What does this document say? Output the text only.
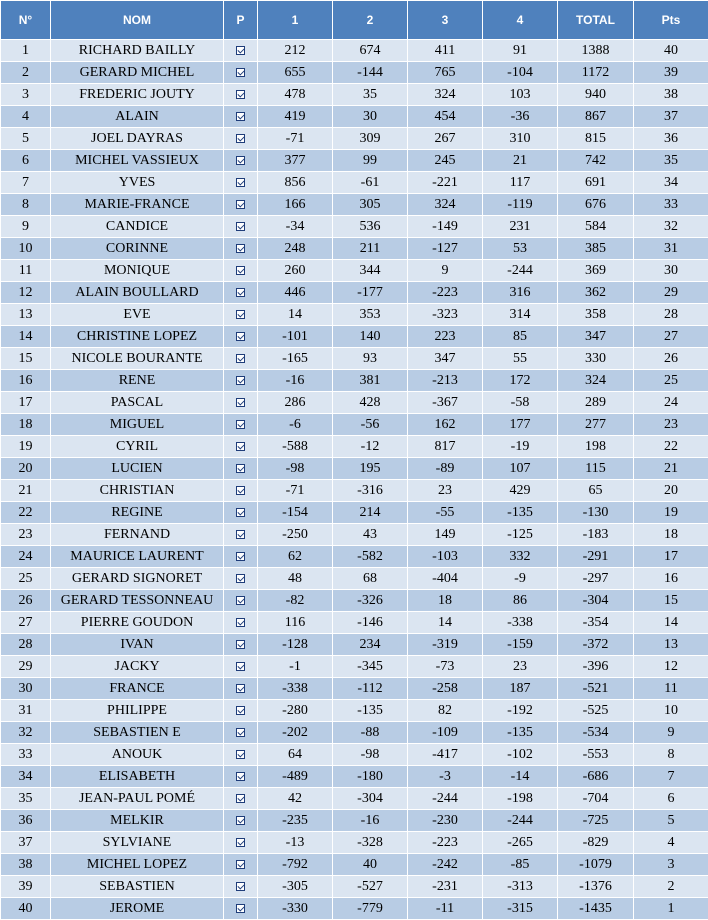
N°	NOM	P	1	2	3	4	TOTAL	Pts
1	RICHARD BAILLY		212	674	411	91	1388	40
2	GERARD MICHEL		655	-144	765	-104	1172	39
3	FREDERIC JOUTY		478	35	324	103	940	38
4	ALAIN		419	30	454	-36	867	37
5	JOEL DAYRAS		-71	309	267	310	815	36
6	MICHEL VASSIEUX		377	99	245	21	742	35
7	YVES		856	-61	-221	117	691	34
8	MARIE-FRANCE		166	305	324	-119	676	33
9	CANDICE		-34	536	-149	231	584	32
10	CORINNE		248	211	-127	53	385	31
11	MONIQUE		260	344	9	-244	369	30
12	ALAIN BOULLARD		446	-177	-223	316	362	29
13	EVE		14	353	-323	314	358	28
14	CHRISTINE LOPEZ		-101	140	223	85	347	27
15	NICOLE BOURANTE		-165	93	347	55	330	26
16	RENE		-16	381	-213	172	324	25
17	PASCAL		286	428	-367	-58	289	24
18	MIGUEL		-6	-56	162	177	277	23
19	CYRIL		-588	-12	817	-19	198	22
20	LUCIEN		-98	195	-89	107	115	21
21	CHRISTIAN		-71	-316	23	429	65	20
22	REGINE		-154	214	-55	-135	-130	19
23	FERNAND		-250	43	149	-125	-183	18
24	MAURICE LAURENT		62	-582	-103	332	-291	17
25	GERARD SIGNORET		48	68	-404	-9	-297	16
26	GERARD TESSONNEAU		-82	-326	18	86	-304	15
27	PIERRE GOUDON		116	-146	14	-338	-354	14
28	IVAN		-128	234	-319	-159	-372	13
29	JACKY		-1	-345	-73	23	-396	12
30	FRANCE		-338	-112	-258	187	-521	11
31	PHILIPPE		-280	-135	82	-192	-525	10
32	SEBASTIEN E		-202	-88	-109	-135	-534	9
33	ANOUK		64	-98	-417	-102	-553	8
34	ELISABETH		-489	-180	-3	-14	-686	7
35	JEAN-PAUL POMÉ		42	-304	-244	-198	-704	6
36	MELKIR		-235	-16	-230	-244	-725	5
37	SYLVIANE		-13	-328	-223	-265	-829	4
38	MICHEL LOPEZ		-792	40	-242	-85	-1079	3
39	SEBASTIEN		-305	-527	-231	-313	-1376	2
40	JEROME		-330	-779	-11	-315	-1435	1
